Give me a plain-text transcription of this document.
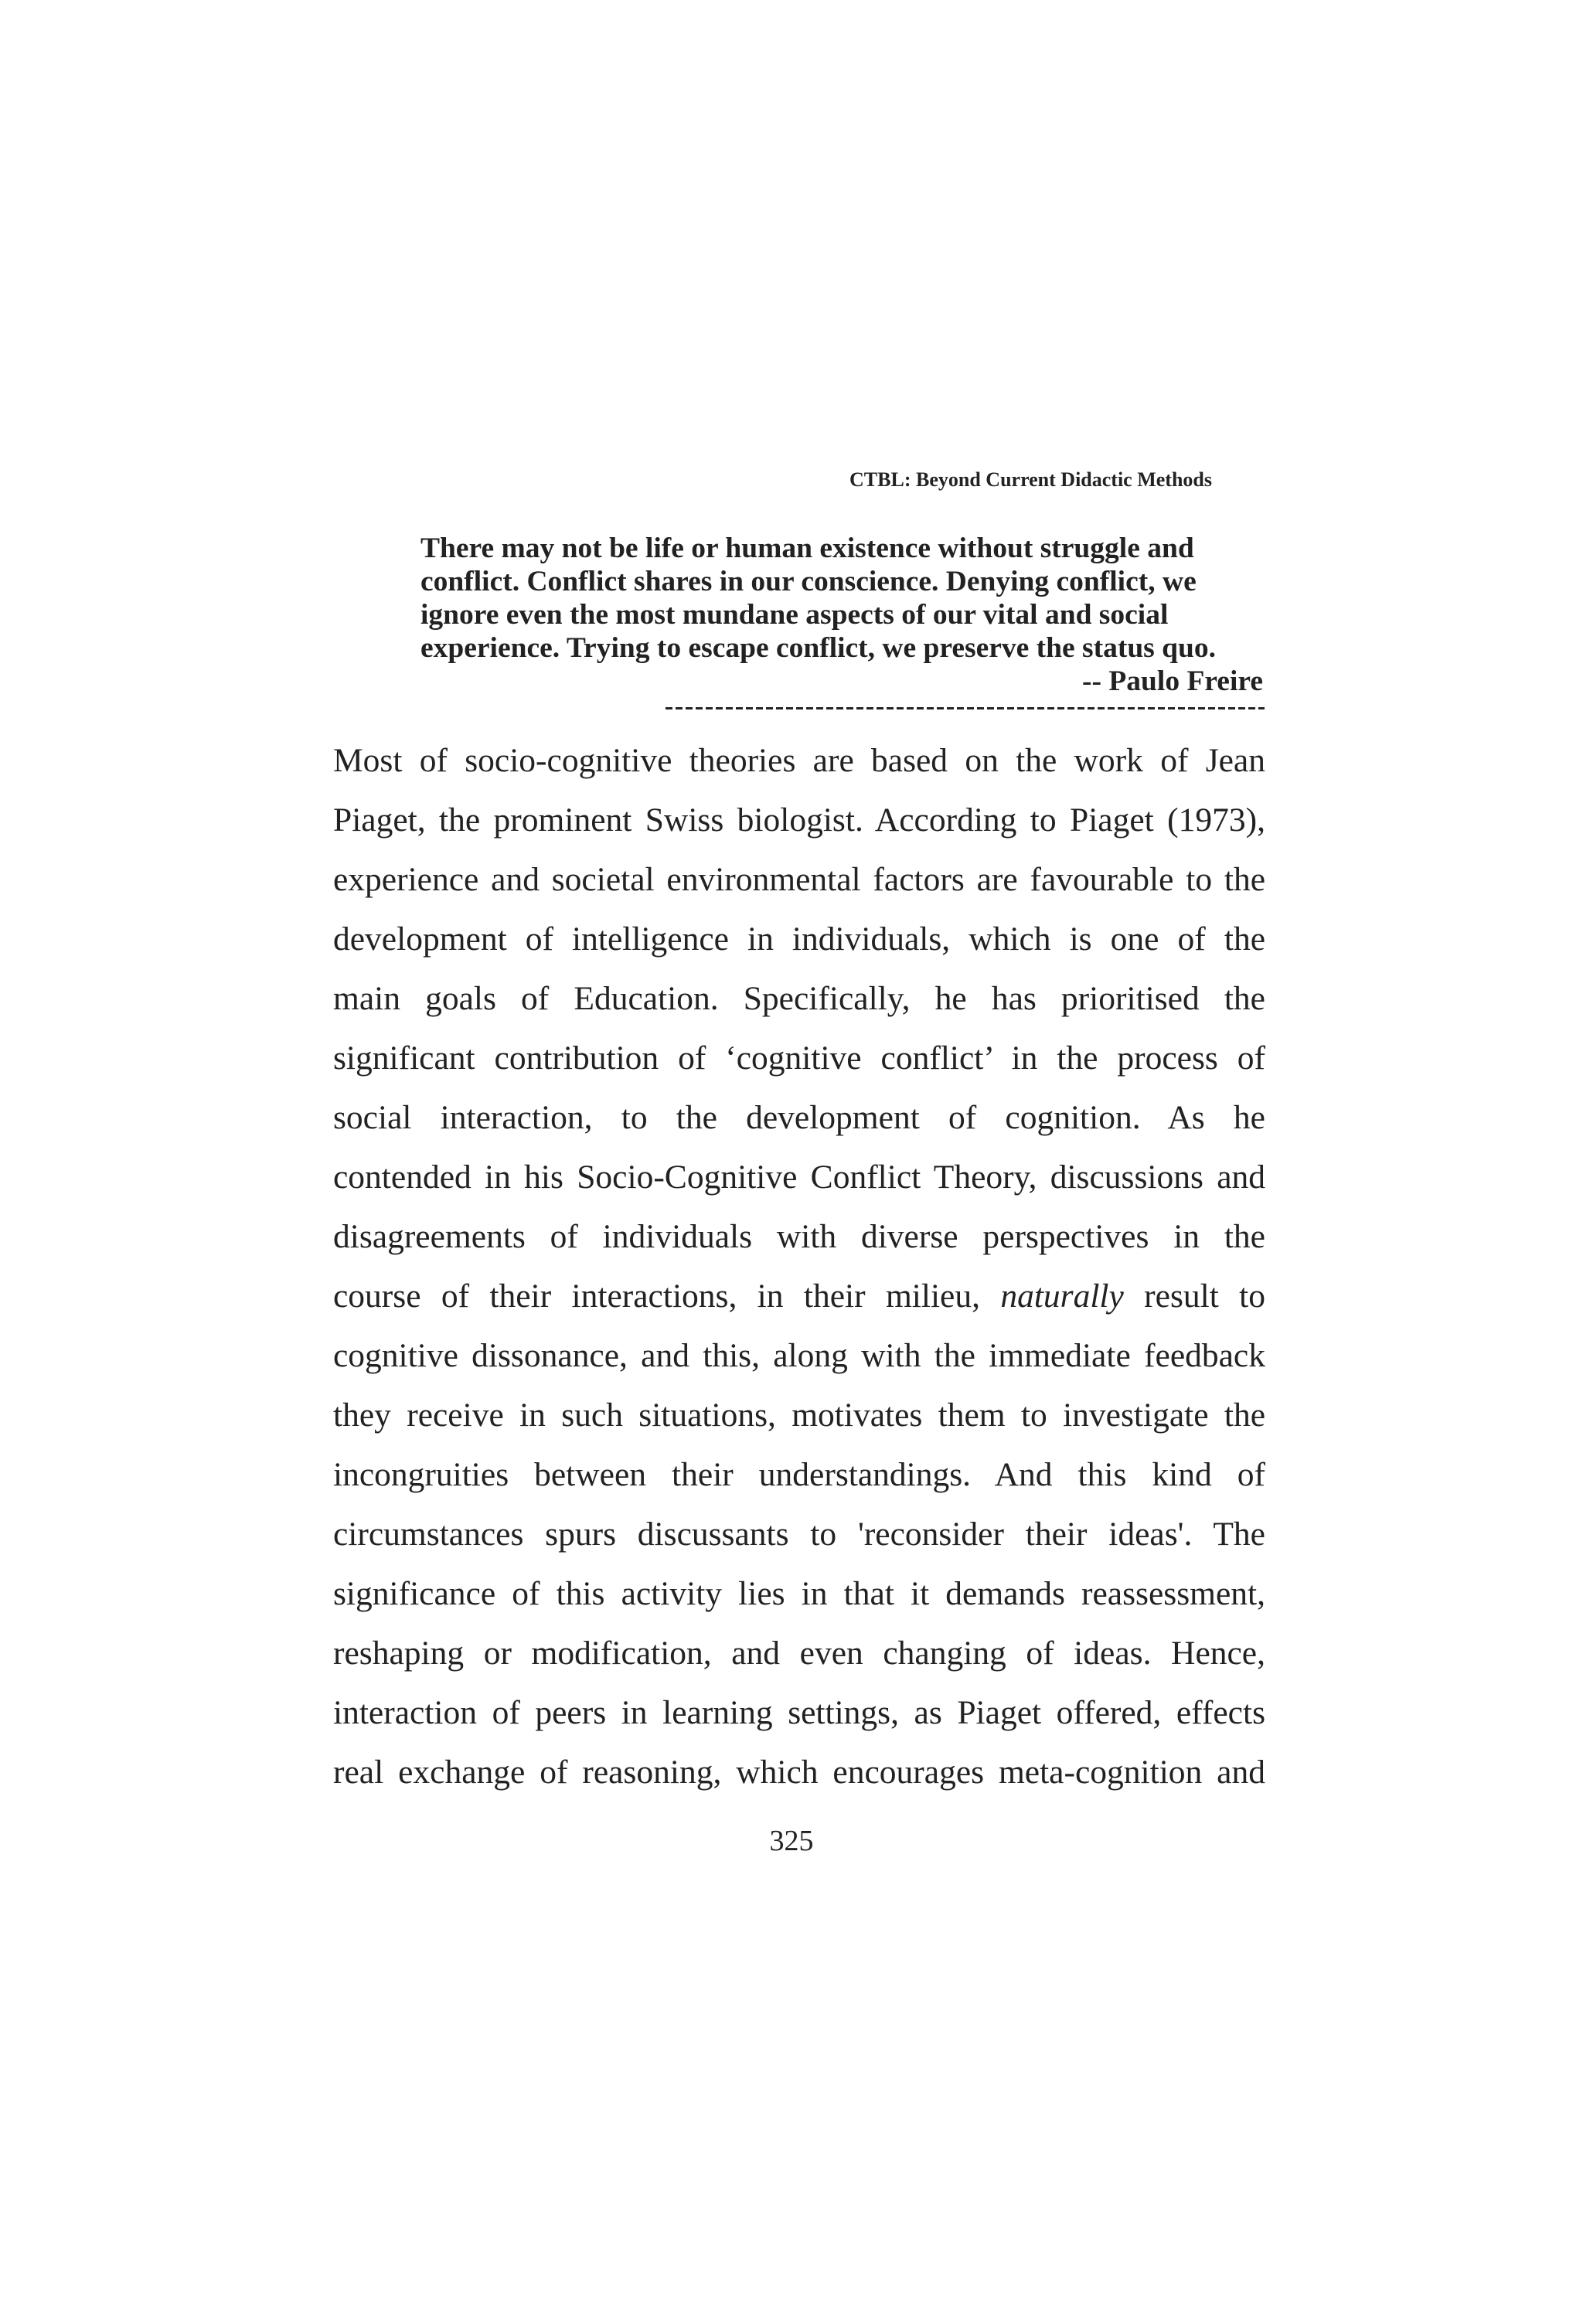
CTBL: Beyond Current Didactic Methods
There may not be life or human existence without struggle and
conflict. Conflict shares in our conscience. Denying conflict, we
ignore even the most mundane aspects of our vital and social
experience. Trying to escape conflict, we preserve the status quo.
-- Paulo Freire
Most of socio-cognitive theories are based on the work of Jean
Piaget, the prominent Swiss biologist. According to Piaget (1973),
experience and societal environmental factors are favourable to the
development of intelligence in individuals, which is one of the
main goals of Education. Specifically, he has prioritised the
significant contribution of ‘cognitive conflict’ in the process of
social interaction, to the development of cognition. As he
contended in his Socio-Cognitive Conflict Theory, discussions and
disagreements of individuals with diverse perspectives in the
course of their interactions, in their milieu, naturally result to
cognitive dissonance, and this, along with the immediate feedback
they receive in such situations, motivates them to investigate the
incongruities between their understandings. And this kind of
circumstances spurs discussants to 'reconsider their ideas'. The
significance of this activity lies in that it demands reassessment,
reshaping or modification, and even changing of ideas. Hence,
interaction of peers in learning settings, as Piaget offered, effects
real exchange of reasoning, which encourages meta-cognition and
325
